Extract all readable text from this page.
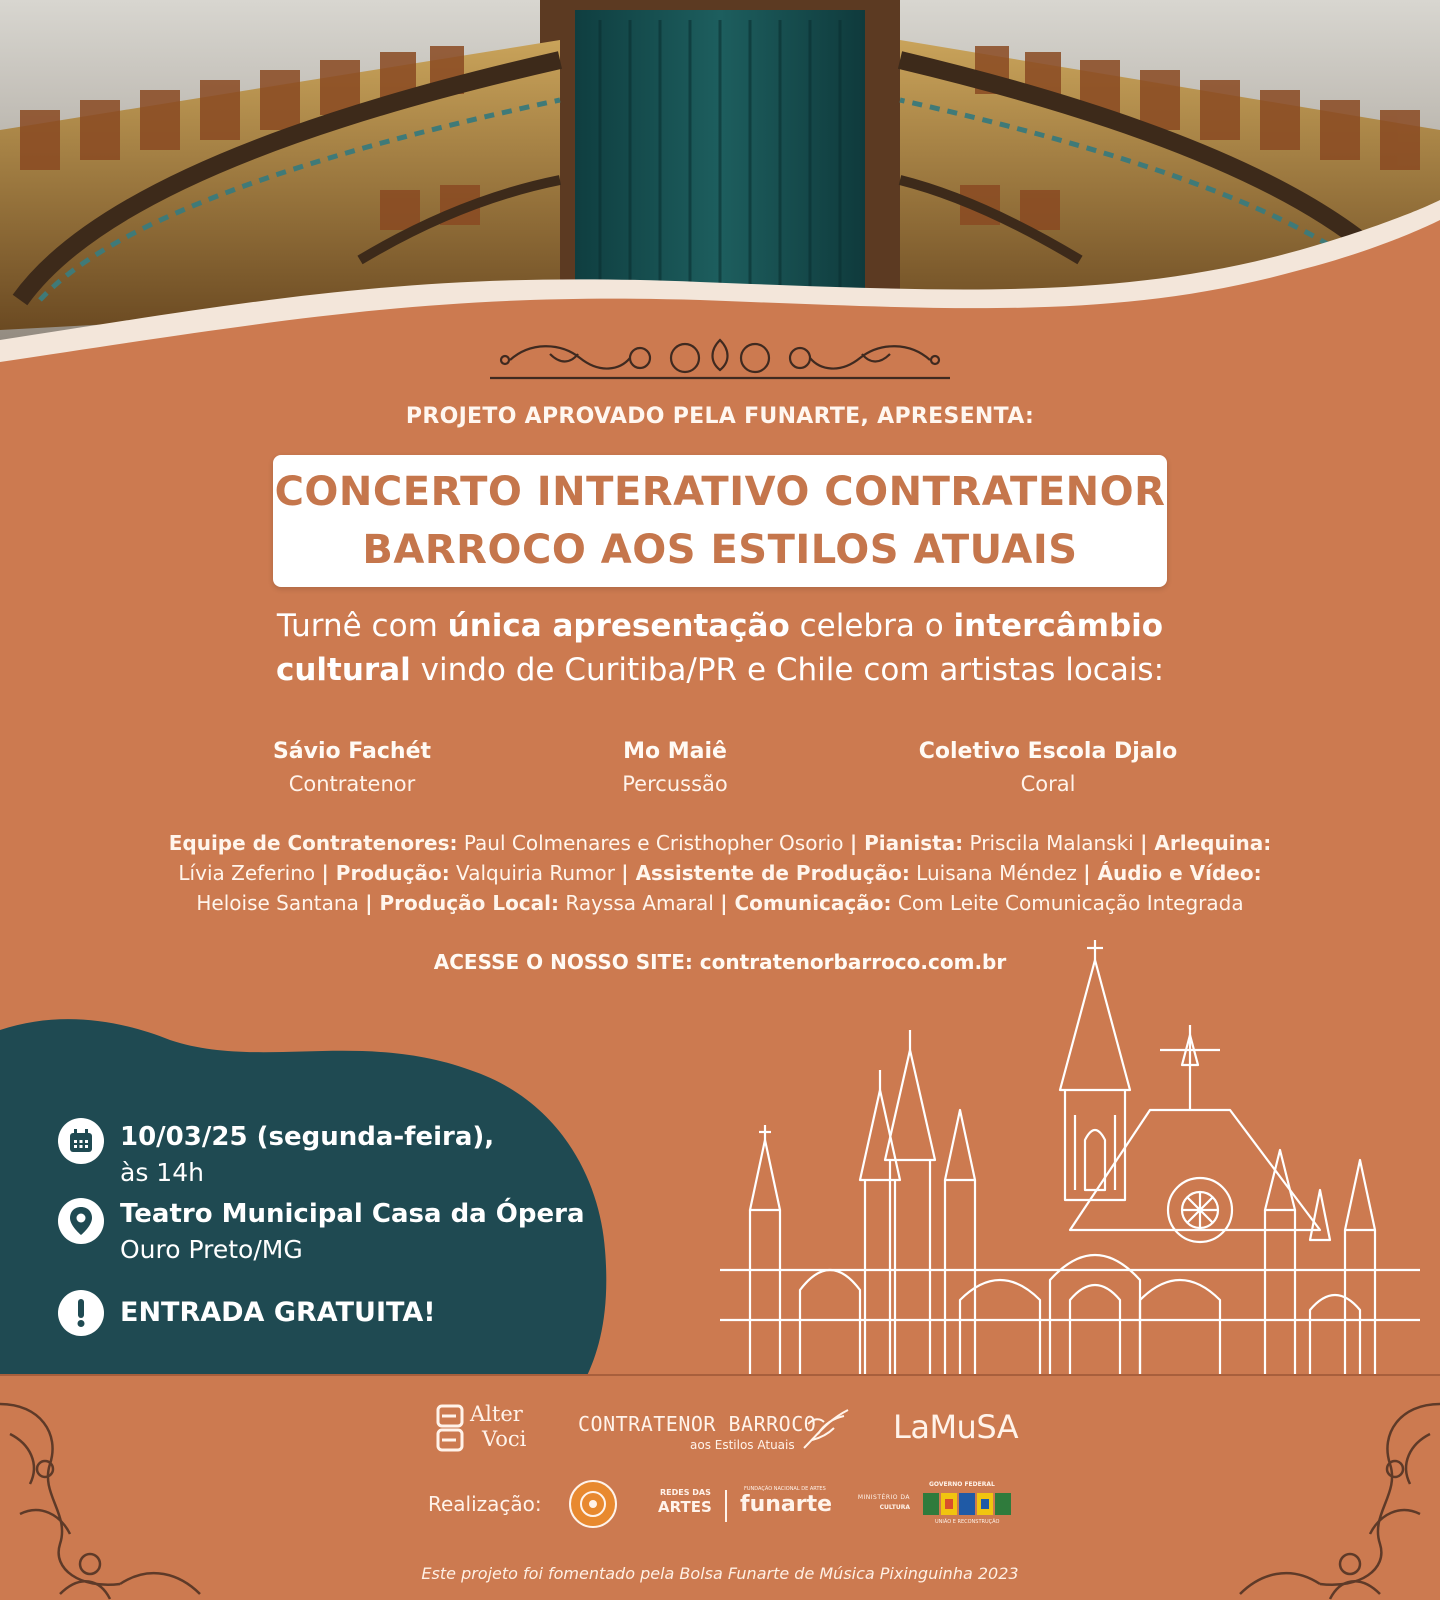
PROJETO APROVADO PELA FUNARTE, APRESENTA:
CONCERTO INTERATIVO CONTRATENOR
BARROCO AOS ESTILOS ATUAIS
Turnê com única apresentação celebra o intercâmbio
cultural vindo de Curitiba/PR e Chile com artistas locais:
Sávio Fachét
Contratenor
Mo Maiê
Percussão
Coletivo Escola Djalo
Coral
Equipe de Contratenores: Paul Colmenares e Cristhopher Osorio | Pianista: Priscila Malanski | Arlequina:
Lívia Zeferino | Produção: Valquiria Rumor | Assistente de Produção: Luisana Méndez | Áudio e Vídeo:
Heloise Santana | Produção Local: Rayssa Amaral | Comunicação: Com Leite Comunicação Integrada
ACESSE O NOSSO SITE: contratenorbarroco.com.br
10/03/25 (segunda-feira),
às 14h
Teatro Municipal Casa da Ópera
Ouro Preto/MG
ENTRADA GRATUITA!
Alter
Voci
CONTRATENOR BARROCO
aos Estilos Atuais	LaMuSA
Realização:	REDES DAS
ARTES
FUNDAÇÃO NACIONAL DE ARTES
funarte	MINISTÉRIO DA
CULTURA
GOVERNO FEDERAL
UNIÃO E RECONSTRUÇÃO
Este projeto foi fomentado pela Bolsa Funarte de Música Pixinguinha 2023
